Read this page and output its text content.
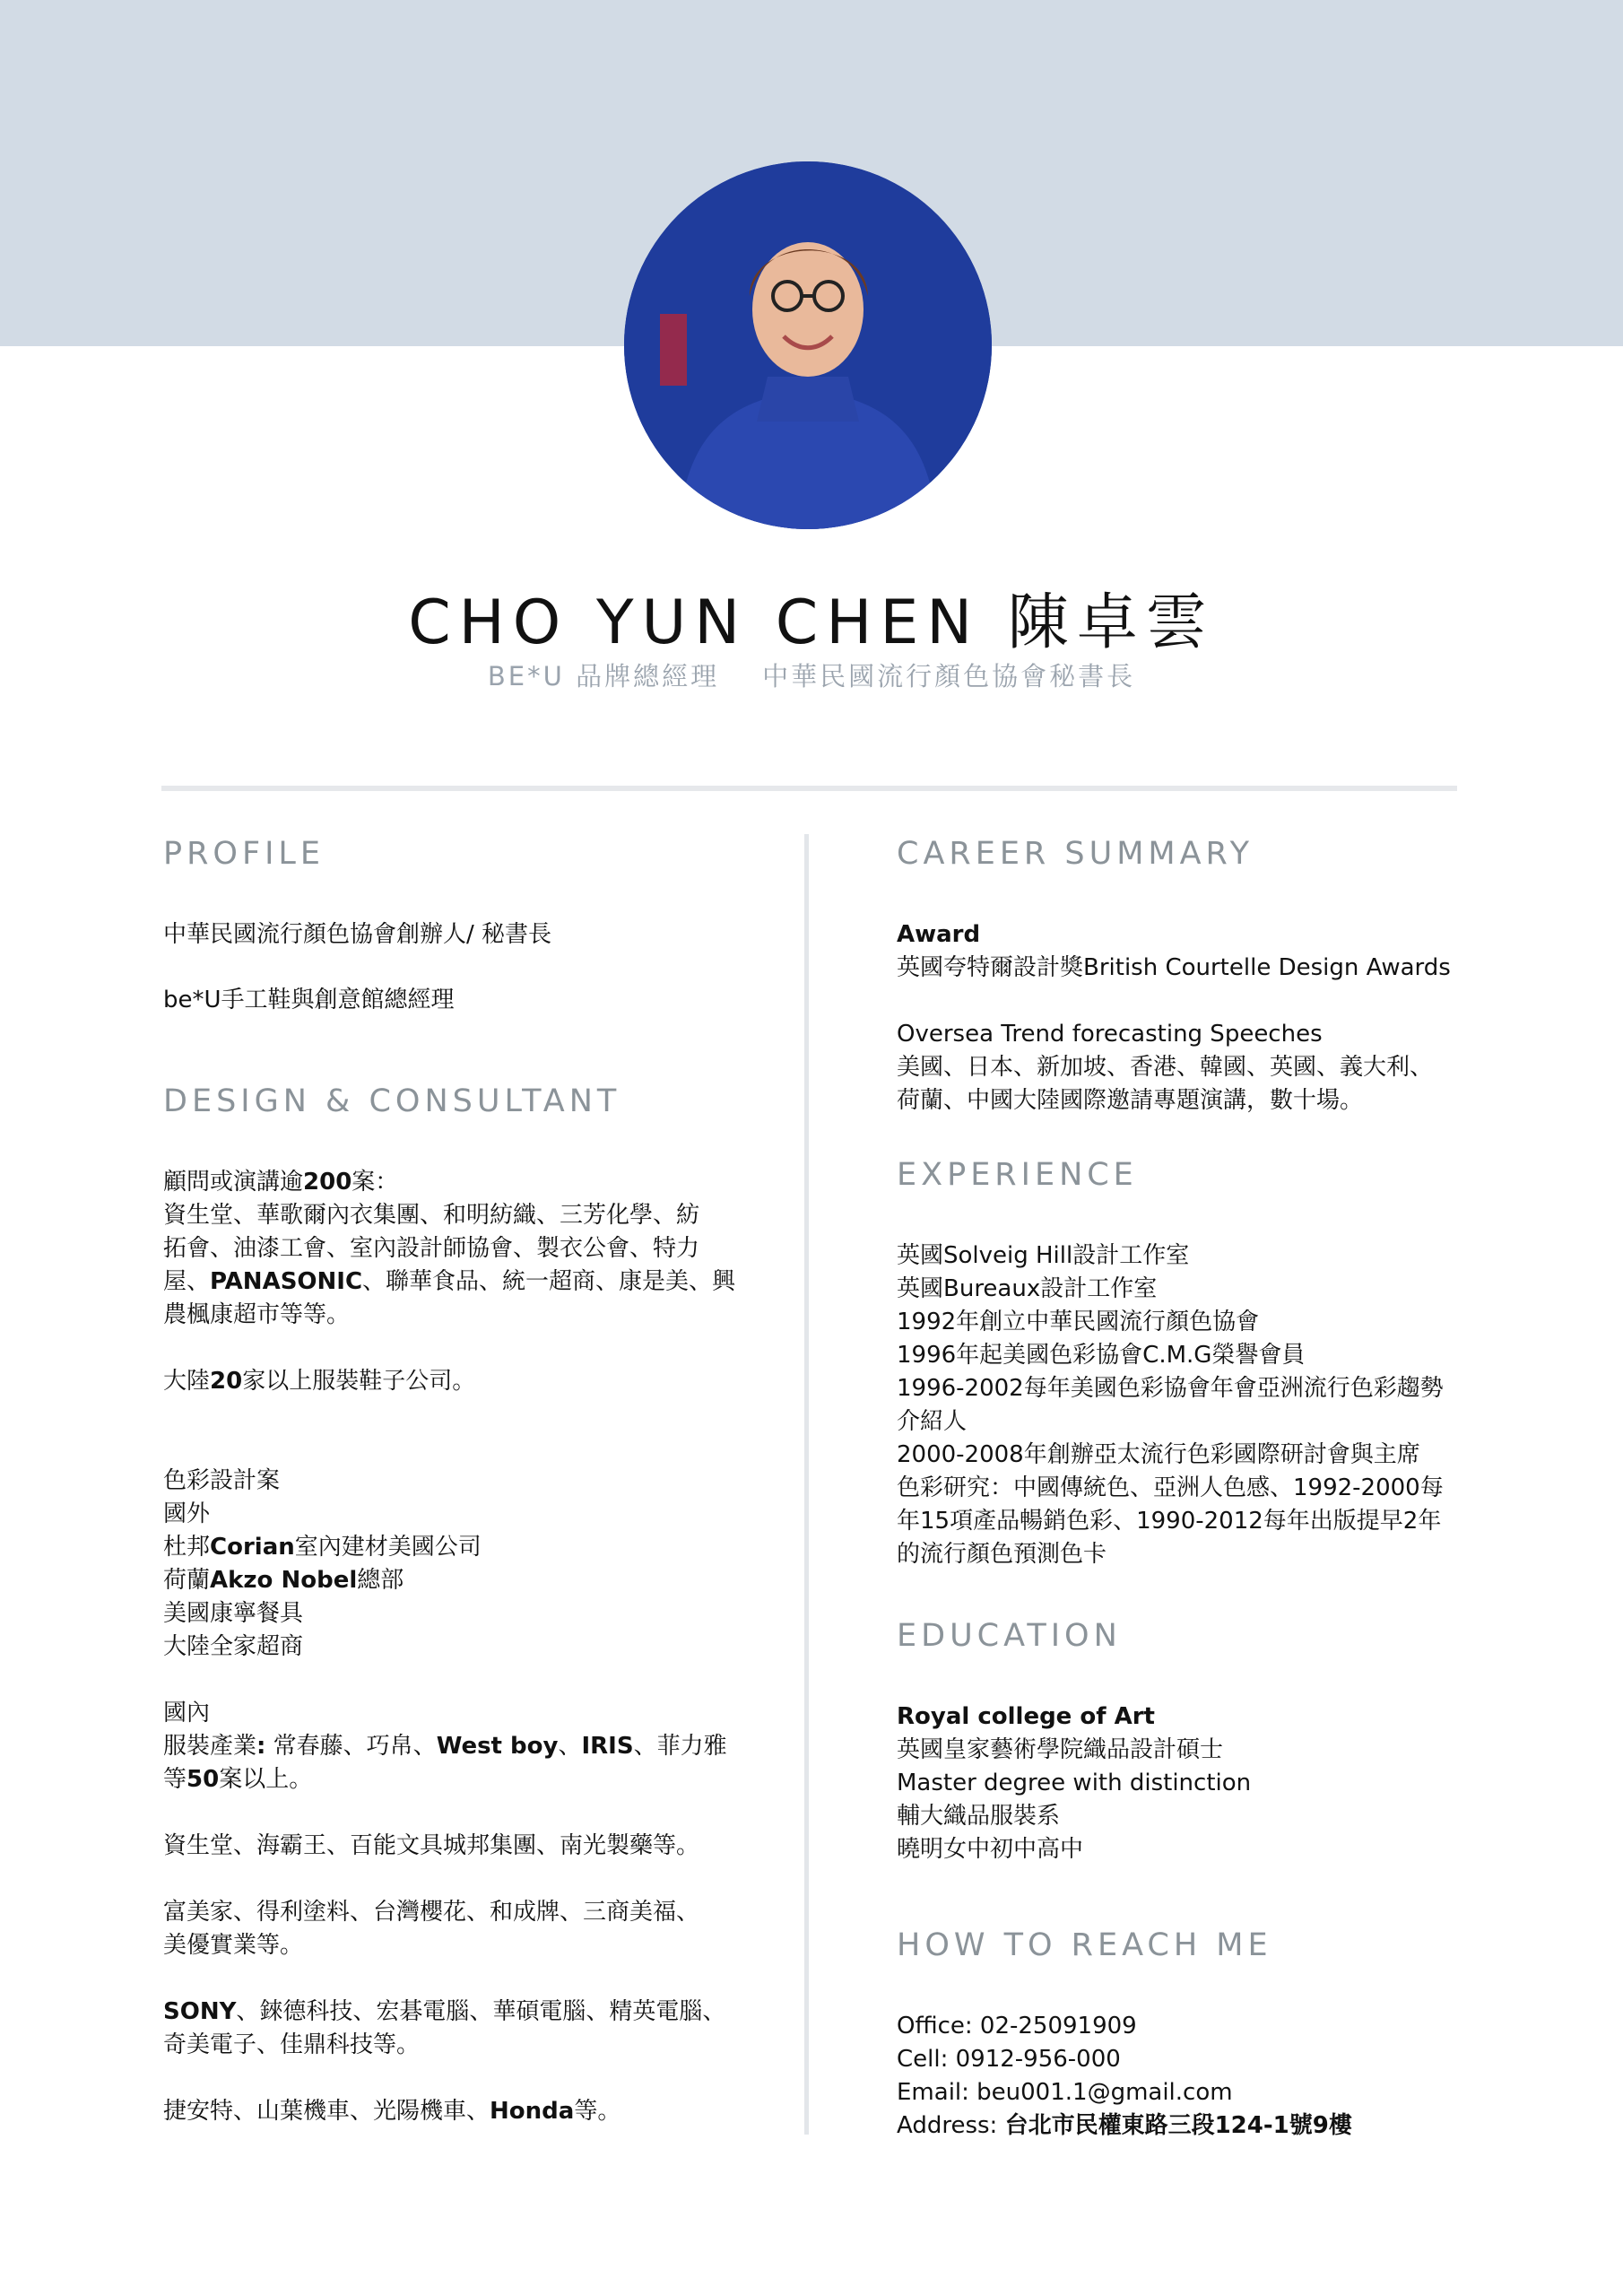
CHO YUN CHEN 陳卓雲
BE*U 品牌總經理 中華民國流行顏色協會秘書長
PROFILE

中華民國流行顏色協會創辦人/ 秘書長

be*U手工鞋與創意館總經理

DESIGN & CONSULTANT

顧問或演講逾200案：
資生堂、華歌爾內衣集團、和明紡織、三芳化學、紡
拓會、油漆工會、室內設計師協會、製衣公會、特力
屋、PANASONIC、聯華食品、統一超商、康是美、興
農楓康超市等等。

大陸20家以上服裝鞋子公司。

色彩設計案
國外
杜邦Corian室內建材美國公司
荷蘭Akzo Nobel總部
美國康寧餐具
大陸全家超商

國內
服裝產業: 常春藤、巧帛、West boy、IRIS、菲力雅
等50案以上。

資生堂、海霸王、百能文具城邦集團、南光製藥等。

富美家、得利塗料、台灣櫻花、和成牌、三商美福、
美優實業等。

SONY、錸德科技、宏碁電腦、華碩電腦、精英電腦、
奇美電子、佳鼎科技等。

捷安特、山葉機車、光陽機車、Honda等。

CAREER SUMMARY

Award
英國夸特爾設計獎British Courtelle Design Awards

Oversea Trend forecasting Speeches
美國、日本、新加坡、香港、韓國、英國、義大利、
荷蘭、中國大陸國際邀請專題演講，數十場。

EXPERIENCE

英國Solveig Hill設計工作室
英國Bureaux設計工作室
1992年創立中華民國流行顏色協會
1996年起美國色彩協會C.M.G榮譽會員
1996-2002每年美國色彩協會年會亞洲流行色彩趨勢
介紹人
2000-2008年創辦亞太流行色彩國際研討會與主席
色彩研究：中國傳統色、亞洲人色感、1992-2000每
年15項產品暢銷色彩、1990-2012每年出版提早2年
的流行顏色預測色卡

EDUCATION

Royal college of Art
英國皇家藝術學院織品設計碩士
Master degree with distinction
輔大織品服裝系
曉明女中初中高中

HOW TO REACH ME

Office: 02-25091909
Cell: 0912-956-000
Email: beu001.1@gmail.com
Address: 台北市民權東路三段124-1號9樓
